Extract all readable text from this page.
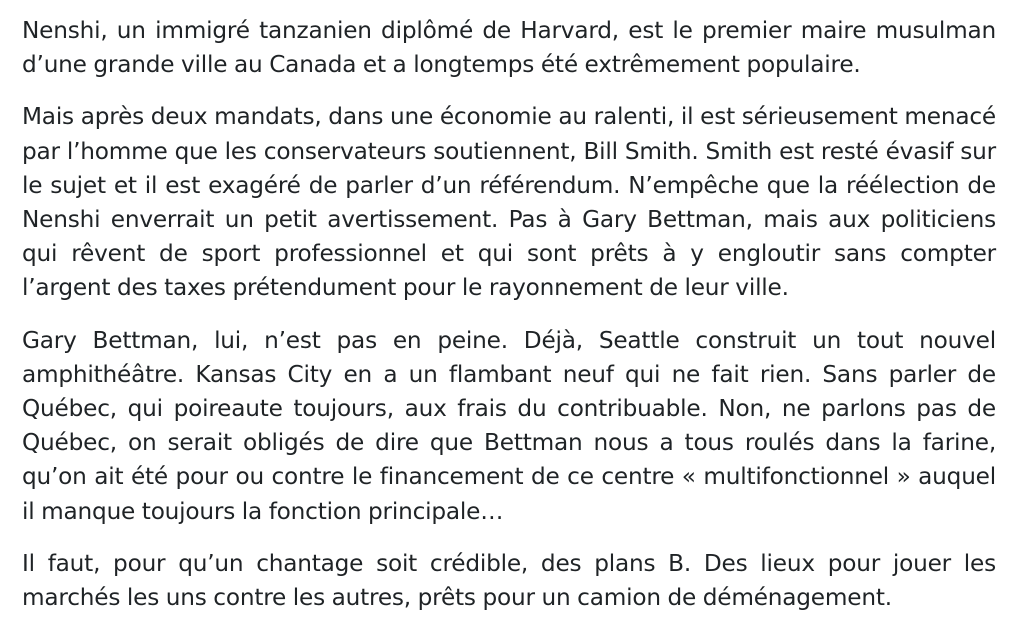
Nenshi, un immigré tanzanien diplômé de Harvard, est le premier maire musulman d’une grande ville au Canada et a longtemps été extrêmement populaire.

Mais après deux mandats, dans une économie au ralenti, il est sérieusement menacé par l’homme que les conservateurs soutiennent, Bill Smith. Smith est resté évasif sur le sujet et il est exagéré de parler d’un référendum. N’empêche que la réélection de Nenshi enverrait un petit avertissement. Pas à Gary Bettman, mais aux politiciens qui rêvent de sport professionnel et qui sont prêts à y engloutir sans compter l’argent des taxes prétendument pour le rayonnement de leur ville.

Gary Bettman, lui, n’est pas en peine. Déjà, Seattle construit un tout nouvel amphithéâtre. Kansas City en a un flambant neuf qui ne fait rien. Sans parler de Québec, qui poireaute toujours, aux frais du contribuable. Non, ne parlons pas de Québec, on serait obligés de dire que Bettman nous a tous roulés dans la farine, qu’on ait été pour ou contre le financement de ce centre « multifonctionnel » auquel il manque toujours la fonction principale…

Il faut, pour qu’un chantage soit crédible, des plans B. Des lieux pour jouer les marchés les uns contre les autres, prêts pour un camion de déménagement.
